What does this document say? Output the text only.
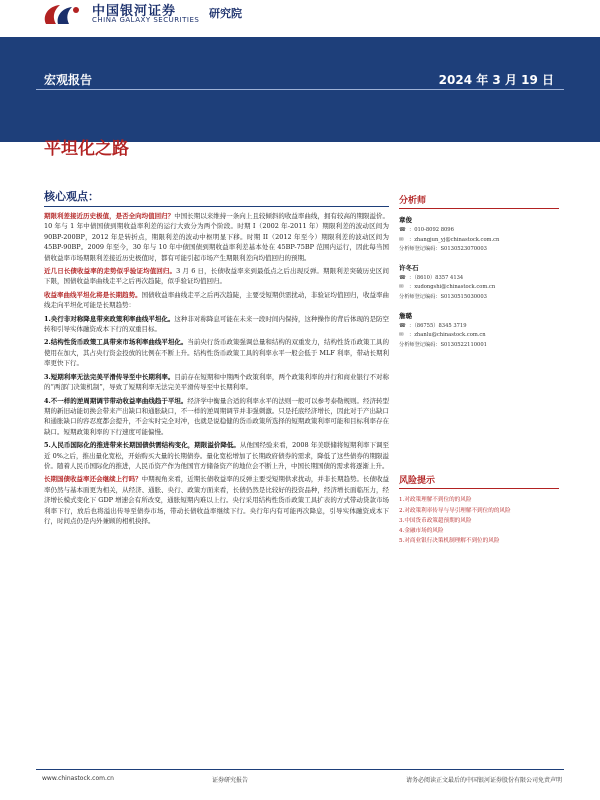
中国银河证券
CHINA GALAXY SECURITIES 研究院
宏观报告	2024 年 3 月 19 日
平坦化之路
核心观点：
期限利差接近历史极值，是否全向均值回归？中国长期以来维持一条向上且较倾斜的收益率曲线，拥有较高的期限溢价。10 年与 1 年中债国债到期收益率利差的运行大致分为两个阶段。时期 I（2002 年-2011 年）期限利差的波动区间为 90BP-200BP，2012 年是转折点，期限利差的波动中枢明显下移。时期 II（2012 年至今）期限利差的波动区间为 45BP-90BP。2009 年至今，30 年与 10 年中债国债到期收益率利差基本处在 45BP-75BP 范围内运行，因此每当国债收益率市场期限利差接近历史极值时，都有可能引起市场产生期限利差向均值回归的预期。
近几日长债收益率的走势似乎验证均值回归。3 月 6 日，长债收益率来到最低点之后出现反弹。期限利差突破历史区间下限，国债收益率曲线走平之后再次趋陡，似乎验证均值回归。
收益率曲线平坦化将是长期趋势。国债收益率曲线走平之后再次趋陡，主要受短期供需扰动，非验证均值回归，收益率曲线走向平坦化可能是长期趋势：
1.央行非对称降息带来政策利率曲线平坦化。这种非对称降息可能在未来一段时间内保持，这种操作的背后体现的是防空转和引导实体融资成本下行的双重目标。
2.结构性货币政策工具带来市场利率曲线平坦化。当前央行货币政策强调总量和结构的双重发力，结构性货币政策工具的使用在加大，其占央行资金投放的比例在不断上升。结构性货币政策工具的利率水平一般会低于 MLF 利率，带动长期利率更快下行。
3.短期利率无法完美平滑传导至中长期利率。目前存在短期和中期两个政策利率，两个政策利率的并行和商业银行不对称的“两部门决策机制”，导致了短期利率无法完美平滑传导至中长期利率。
4.不一样的逆周期调节带动收益率曲线趋于平坦。经济学中衡量合适的利率水平的法则一般可以参考泰勒规则。经济转型期的新旧动能切换会带来产出缺口和通胀缺口，不一样的逆周期调节并非强刺激。只是托底经济增长，因此对于产出缺口和通胀缺口的容忍度都会提升，不会实时完全对冲，也就是说稳健的货币政策所选择的短期政策利率可能和目标利率存在缺口。短期政策利率的下行速度可能偏慢。
5.人民币国际化的推进带来长期国债供需结构变化，期限溢价降低。从他国经验来看，2008 年美联储将短期利率下调至近 0%之后，推出量化宽松，开始购买大量的长期债券。量化宽松增加了长期政府债券的需求，降低了这些债券的期限溢价。随着人民币国际化的推进，人民币资产作为他国官方储备资产的地位会不断上升，中国长期国债的需求将逐渐上升。
长期国债收益率还会继续上行吗？中期视角来看，近期长债收益率的反弹主要受短期供求扰动，并非长期趋势。长债收益率仍然与基本面更为相关，从经济、通胀、央行、政策方面来看，长债仍然是比较好的投资品种，经济增长面临压力，经济增长模式变化下 GDP 增速会有所改变，通胀短期内难以上行。央行采用结构性货币政策工具扩表的方式带动贷款市场利率下行，放后也将溢出传导至债券市场，带动长债收益率继续下行。央行年内有可能再次降息，引导实体融资成本下行，时间点仍是内外兼顾的相机抉择。
分析师
章俊
☎ ：010-8092 8096
✉	：zhangjun_yj@chinastock.com.cn
分析师登记编码：S0130523070003
许冬石
☎ ：（8610）8357 4134
✉	：xudongshi@chinastock.com.cn
分析师登记编码：S0130515030003
詹璐
☎ ：（86755）8345 3719
✉	：zhanlu@chinastock.com.cn
分析师登记编码：S0130522110001
风险提示
1.对政策理解不到位的的风险
2.对政策利率传导与导引理解不到位的的风险
3.中国货币政策超预期的风险
4.金融市场的风险
5.对商业银行决策机制理解不到位的风险
www.chinastock.com.cn	证券研究报告	请务必阅读正文最后的中国银河证券股份有限公司免责声明
